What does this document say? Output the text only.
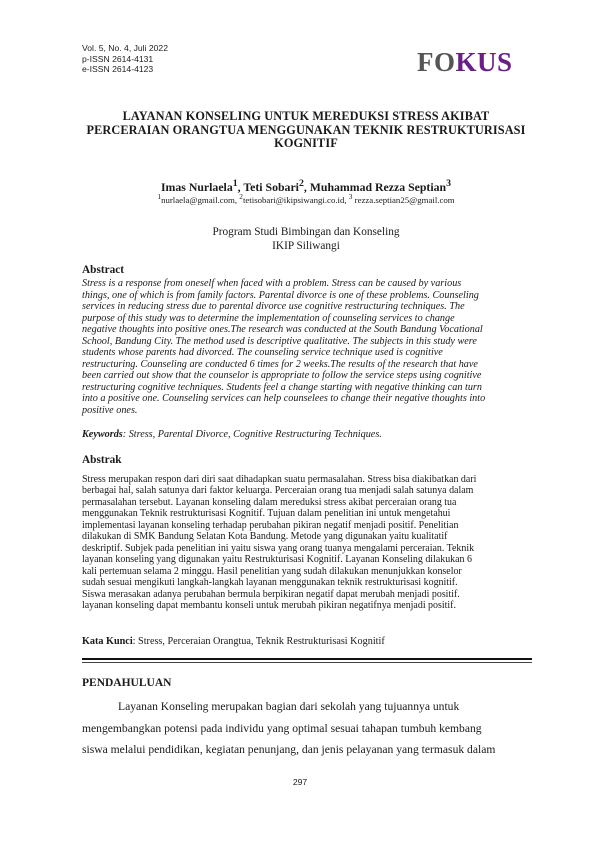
Vol. 5, No. 4, Juli 2022
p-ISSN 2614-4131
e-ISSN 2614-4123	FOKUS
LAYANAN KONSELING UNTUK MEREDUKSI STRESS AKIBAT
PERCERAIAN ORANGTUA MENGGUNAKAN TEKNIK RESTRUKTURISASI
KOGNITIF
Imas Nurlaela$^1$, Teti Sobari$^2$, Muhammad Rezza Septian$^3$
$^1$nurlaela@gmail.com, $^2$tetisobari@ikipsiwangi.co.id, $^3$ rezza.septian25@gmail.com
Program Studi Bimbingan dan Konseling
IKIP Siliwangi
Abstract
Stress is a response from oneself when faced with a problem. Stress can be caused by various
things, one of which is from family factors. Parental divorce is one of these problems. Counseling
services in reducing stress due to parental divorce use cognitive restructuring techniques. The
purpose of this study was to determine the implementation of counseling services to change
negative thoughts into positive ones.The research was conducted at the South Bandung Vocational
School, Bandung City. The method used is descriptive qualitative. The subjects in this study were
students whose parents had divorced. The counseling service technique used is cognitive
restructuring. Counseling are conducted 6 times for 2 weeks.The results of the research that have
been carried out show that the counselor is appropriate to follow the service steps using cognitive
restructuring cognitive techniques. Students feel a change starting with negative thinking can turn
into a positive one. Counseling services can help counselees to change their negative thoughts into
positive ones.
Keywords: Stress, Parental Divorce, Cognitive Restructuring Techniques.
Abstrak
Stress merupakan respon dari diri saat dihadapkan suatu permasalahan. Stress bisa diakibatkan dari
berbagai hal, salah satunya dari faktor keluarga. Perceraian orang tua menjadi salah satunya dalam
permasalahan tersebut. Layanan konseling dalam mereduksi stress akibat perceraian orang tua
menggunakan Teknik restrukturisasi Kognitif. Tujuan dalam penelitian ini untuk mengetahui
implementasi layanan konseling terhadap perubahan pikiran negatif menjadi positif. Penelitian
dilakukan di SMK Bandung Selatan Kota Bandung. Metode yang digunakan yaitu kualitatif
deskriptif. Subjek pada penelitian ini yaitu siswa yang orang tuanya mengalami perceraian. Teknik
layanan konseling yang digunakan yaitu Restrukturisasi Kognitif. Layanan Konseling dilakukan 6
kali pertemuan selama 2 minggu. Hasil penelitian yang sudah dilakukan menunjukkan konselor
sudah sesuai mengikuti langkah-langkah layanan menggunakan teknik restrukturisasi kognitif.
Siswa merasakan adanya perubahan bermula berpikiran negatif dapat merubah menjadi positif.
layanan konseling dapat membantu konseli untuk merubah pikiran negatifnya menjadi positif.
Kata Kunci: Stress, Perceraian Orangtua, Teknik Restrukturisasi Kognitif
PENDAHULUAN
Layanan Konseling merupakan bagian dari sekolah yang tujuannya untuk
mengembangkan potensi pada individu yang optimal sesuai tahapan tumbuh kembang
siswa melalui pendidikan, kegiatan penunjang, dan jenis pelayanan yang termasuk dalam
297
